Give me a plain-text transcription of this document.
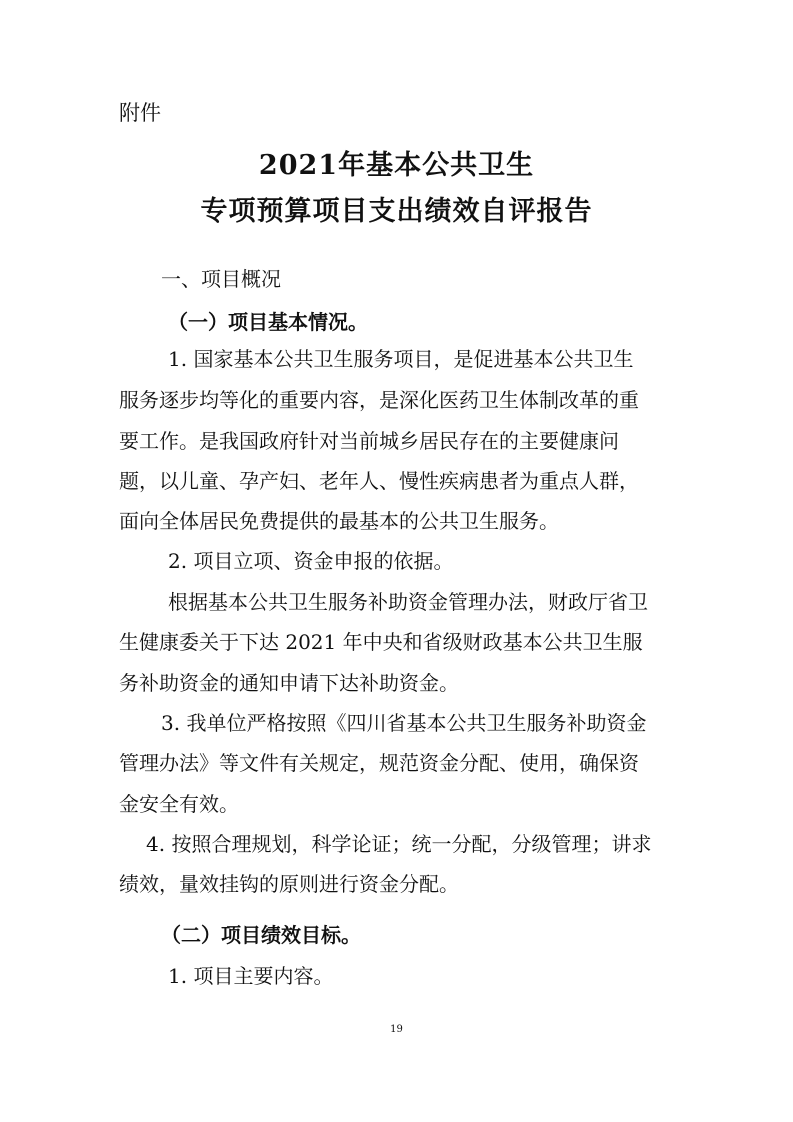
附件
2021年基本公共卫生
专项预算项目支出绩效自评报告
一、项目概况
（一）项目基本情况。
1. 国家基本公共卫生服务项目，是促进基本公共卫生
服务逐步均等化的重要内容，是深化医药卫生体制改革的重
要工作。是我国政府针对当前城乡居民存在的主要健康问
题，以儿童、孕产妇、老年人、慢性疾病患者为重点人群，
面向全体居民免费提供的最基本的公共卫生服务。
2. 项目立项、资金申报的依据。
根据基本公共卫生服务补助资金管理办法，财政厅省卫
生健康委关于下达 2021 年中央和省级财政基本公共卫生服
务补助资金的通知申请下达补助资金。
3. 我单位严格按照《四川省基本公共卫生服务补助资金
管理办法》等文件有关规定，规范资金分配、使用，确保资
金安全有效。
4. 按照合理规划，科学论证；统一分配，分级管理；讲求
绩效，量效挂钩的原则进行资金分配。
（二）项目绩效目标。
1. 项目主要内容。
19
